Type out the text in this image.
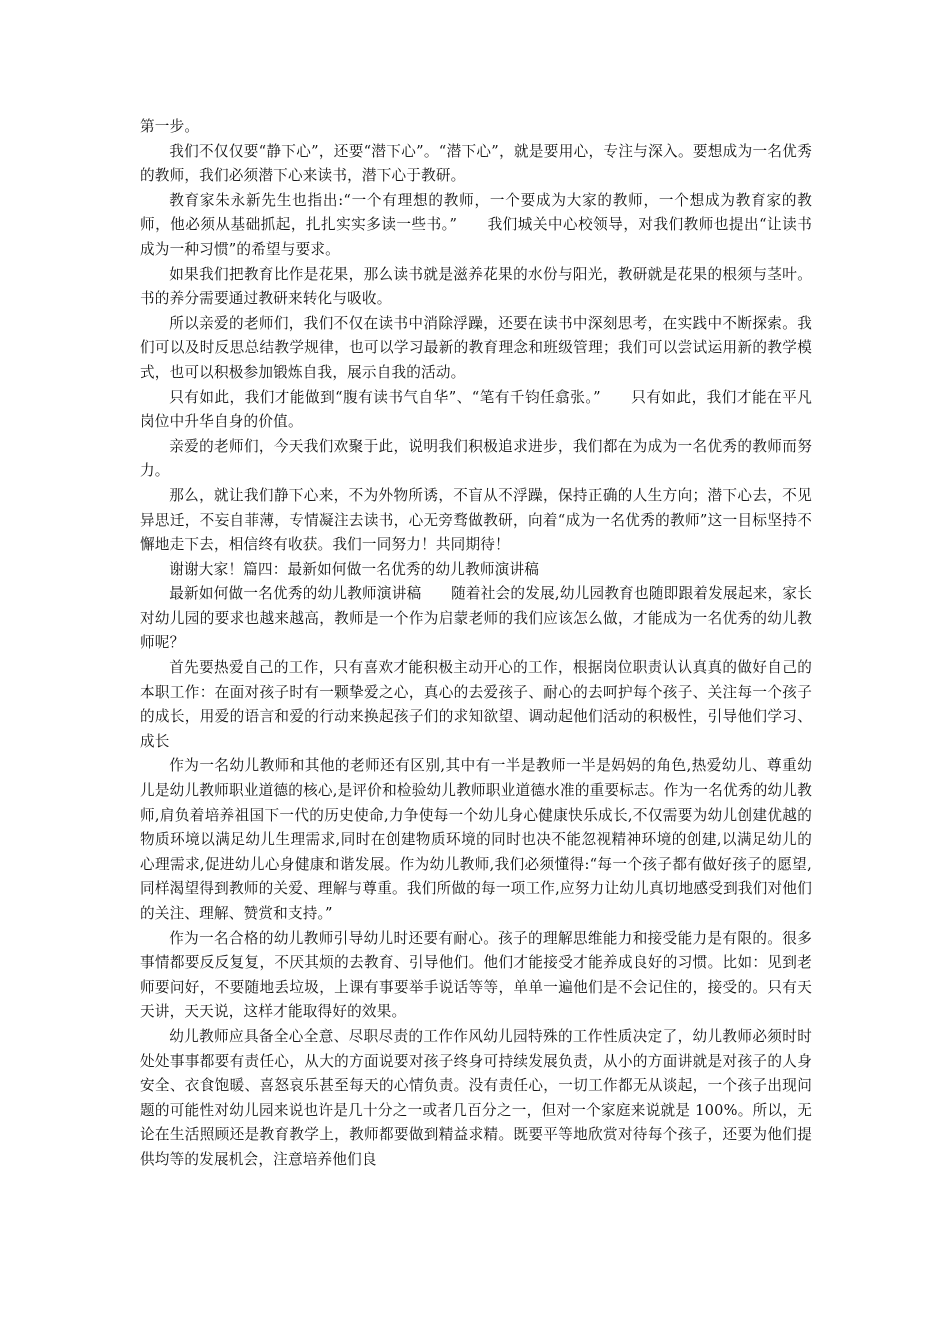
第一步。

我们不仅仅要“静下心”，还要“潜下心”。“潜下心”，就是要用心，专注与深入。要想成为一名优秀的教师，我们必须潜下心来读书，潜下心于教研。

教育家朱永新先生也指出:“一个有理想的教师，一个要成为大家的教师，一个想成为教育家的教师，他必须从基础抓起，扎扎实实多读一些书。”　　我们城关中心校领导，对我们教师也提出“让读书成为一种习惯”的希望与要求。

如果我们把教育比作是花果，那么读书就是滋养花果的水份与阳光，教研就是花果的根须与茎叶。书的养分需要通过教研来转化与吸收。

所以亲爱的老师们，我们不仅在读书中消除浮躁，还要在读书中深刻思考，在实践中不断探索。我们可以及时反思总结教学规律，也可以学习最新的教育理念和班级管理；我们可以尝试运用新的教学模式，也可以积极参加锻炼自我，展示自我的活动。

只有如此，我们才能做到“腹有读书气自华”、“笔有千钧任翕张。”　　只有如此，我们才能在平凡岗位中升华自身的价值。

亲爱的老师们，今天我们欢聚于此，说明我们积极追求进步，我们都在为成为一名优秀的教师而努力。

那么，就让我们静下心来，不为外物所诱，不盲从不浮躁，保持正确的人生方向；潜下心去，不见异思迁，不妄自菲薄，专情凝注去读书，心无旁骛做教研，向着“成为一名优秀的教师”这一目标坚持不懈地走下去，相信终有收获。我们一同努力！共同期待！

谢谢大家！篇四：最新如何做一名优秀的幼儿教师演讲稿

最新如何做一名优秀的幼儿教师演讲稿　　随着社会的发展,幼儿园教育也随即跟着发展起来，家长对幼儿园的要求也越来越高，教师是一个作为启蒙老师的我们应该怎么做，才能成为一名优秀的幼儿教师呢？

首先要热爱自己的工作，只有喜欢才能积极主动开心的工作，根据岗位职责认认真真的做好自己的本职工作：在面对孩子时有一颗挚爱之心，真心的去爱孩子、耐心的去呵护每个孩子、关注每一个孩子的成长，用爱的语言和爱的行动来换起孩子们的求知欲望、调动起他们活动的积极性，引导他们学习、成长

作为一名幼儿教师和其他的老师还有区别,其中有一半是教师一半是妈妈的角色,热爱幼儿、尊重幼儿是幼儿教师职业道德的核心,是评价和检验幼儿教师职业道德水准的重要标志。作为一名优秀的幼儿教师,肩负着培养祖国下一代的历史使命,力争使每一个幼儿身心健康快乐成长,不仅需要为幼儿创建优越的物质环境以满足幼儿生理需求,同时在创建物质环境的同时也决不能忽视精神环境的创建,以满足幼儿的心理需求,促进幼儿心身健康和谐发展。作为幼儿教师,我们必须懂得:“每一个孩子都有做好孩子的愿望,同样渴望得到教师的关爱、理解与尊重。我们所做的每一项工作,应努力让幼儿真切地感受到我们对他们的关注、理解、赞赏和支持。”

作为一名合格的幼儿教师引导幼儿时还要有耐心。孩子的理解思维能力和接受能力是有限的。很多事情都要反反复复，不厌其烦的去教育、引导他们。他们才能接受才能养成良好的习惯。比如：见到老师要问好，不要随地丢垃圾，上课有事要举手说话等等，单单一遍他们是不会记住的，接受的。只有天天讲，天天说，这样才能取得好的效果。

幼儿教师应具备全心全意、尽职尽责的工作作风幼儿园特殊的工作性质决定了，幼儿教师必须时时处处事事都要有责任心，从大的方面说要对孩子终身可持续发展负责，从小的方面讲就是对孩子的人身安全、衣食饱暖、喜怒哀乐甚至每天的心情负责。没有责任心，一切工作都无从谈起，一个孩子出现问题的可能性对幼儿园来说也许是几十分之一或者几百分之一，但对一个家庭来说就是 100%。所以，无论在生活照顾还是教育教学上，教师都要做到精益求精。既要平等地欣赏对待每个孩子，还要为他们提供均等的发展机会，注意培养他们良
